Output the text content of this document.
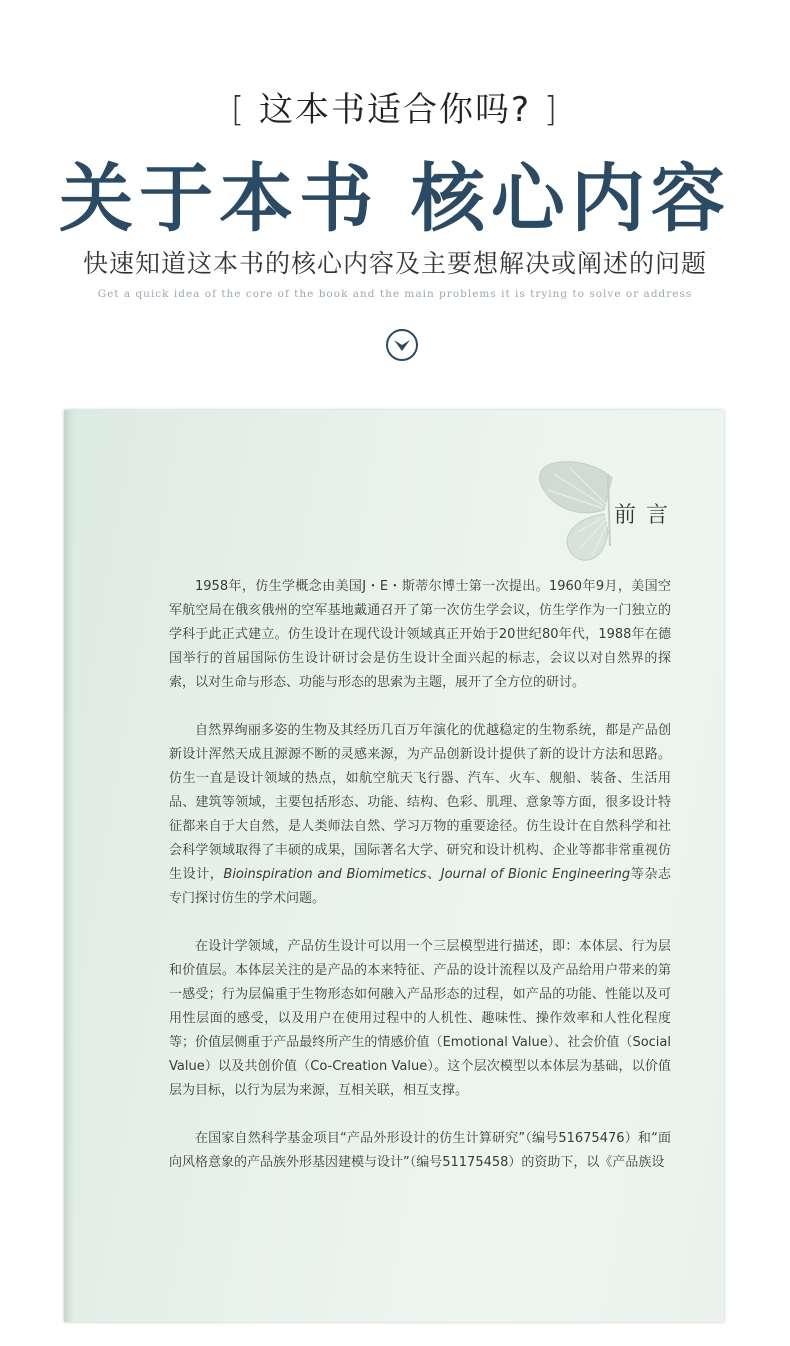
[ 这本书适合你吗? ]
关于本书 核心内容
快速知道这本书的核心内容及主要想解决或阐述的问题
Get a quick idea of the core of the book and the main problems it is trying to solve or address
前言

1958年，仿生学概念由美国J・E・斯蒂尔博士第一次提出。1960年9月，美国空军航空局在俄亥俄州的空军基地戴通召开了第一次仿生学会议，仿生学作为一门独立的学科于此正式建立。仿生设计在现代设计领域真正开始于20世纪80年代，1988年在德国举行的首届国际仿生设计研讨会是仿生设计全面兴起的标志，会议以对自然界的探索，以对生命与形态、功能与形态的思索为主题，展开了全方位的研讨。

自然界绚丽多姿的生物及其经历几百万年演化的优越稳定的生物系统，都是产品创新设计浑然天成且源源不断的灵感来源，为产品创新设计提供了新的设计方法和思路。仿生一直是设计领域的热点，如航空航天飞行器、汽车、火车、舰船、装备、生活用品、建筑等领域，主要包括形态、功能、结构、色彩、肌理、意象等方面，很多设计特征都来自于大自然，是人类师法自然、学习万物的重要途径。仿生设计在自然科学和社会科学领域取得了丰硕的成果，国际著名大学、研究和设计机构、企业等都非常重视仿生设计，Bioinspiration and Biomimetics、Journal of Bionic Engineering等杂志专门探讨仿生的学术问题。

在设计学领域，产品仿生设计可以用一个三层模型进行描述，即：本体层、行为层和价值层。本体层关注的是产品的本来特征、产品的设计流程以及产品给用户带来的第一感受；行为层偏重于生物形态如何融入产品形态的过程，如产品的功能、性能以及可用性层面的感受，以及用户在使用过程中的人机性、趣味性、操作效率和人性化程度等；价值层侧重于产品最终所产生的情感价值（Emotional Value）、社会价值（Social Value）以及共创价值（Co-Creation Value）。这个层次模型以本体层为基础，以价值层为目标，以行为层为来源，互相关联，相互支撑。

在国家自然科学基金项目“产品外形设计的仿生计算研究”（编号51675476）和“面向风格意象的产品族外形基因建模与设计”（编号51175458）的资助下，以《产品族设
